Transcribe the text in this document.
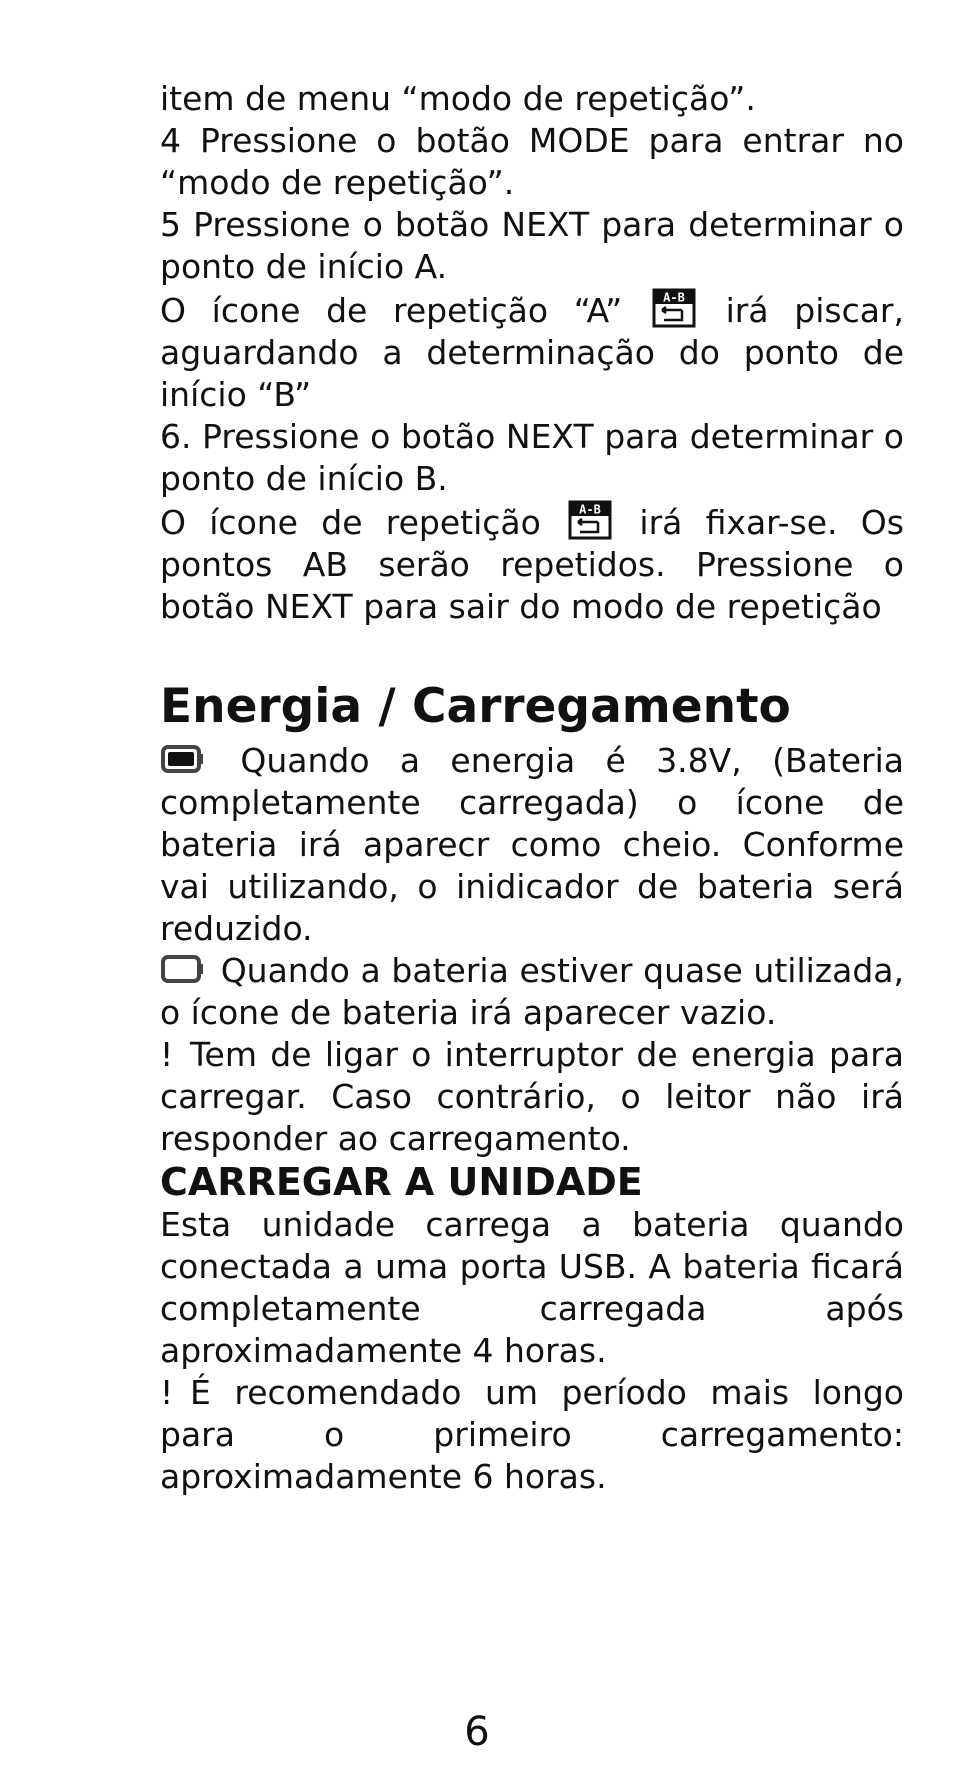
item de menu “modo de repetição”.

4 Pressione o botão MODE para entrar no “modo de repetição”.

5 Pressione o botão NEXT para determinar o ponto de início A.

O ícone de repetição “A”	A-B irá piscar, aguardando a determinação do ponto de início “B”

6. Pressione o botão NEXT para determinar o ponto de início B.

O ícone de repetição	A-B irá fixar-se. Os pontos AB serão repetidos. Pressione o botão NEXT para sair do modo de repetição

Energia / Carregamento

Quando a energia é 3.8V, (Bateria completamente carregada) o ícone de bateria irá aparecr como cheio. Conforme vai utilizando, o inidicador de bateria será reduzido.

Quando a bateria estiver quase utilizada, o ícone de bateria irá aparecer vazio.

! Tem de ligar o interruptor de energia para carregar. Caso contrário, o leitor não irá responder ao carregamento.

CARREGAR A UNIDADE

Esta unidade carrega a bateria quando conectada a uma porta USB. A bateria ficará completamente carregada após aproximadamente 4 horas.

! É recomendado um período mais longo para o primeiro carregamento: aproximadamente 6 horas.

6
